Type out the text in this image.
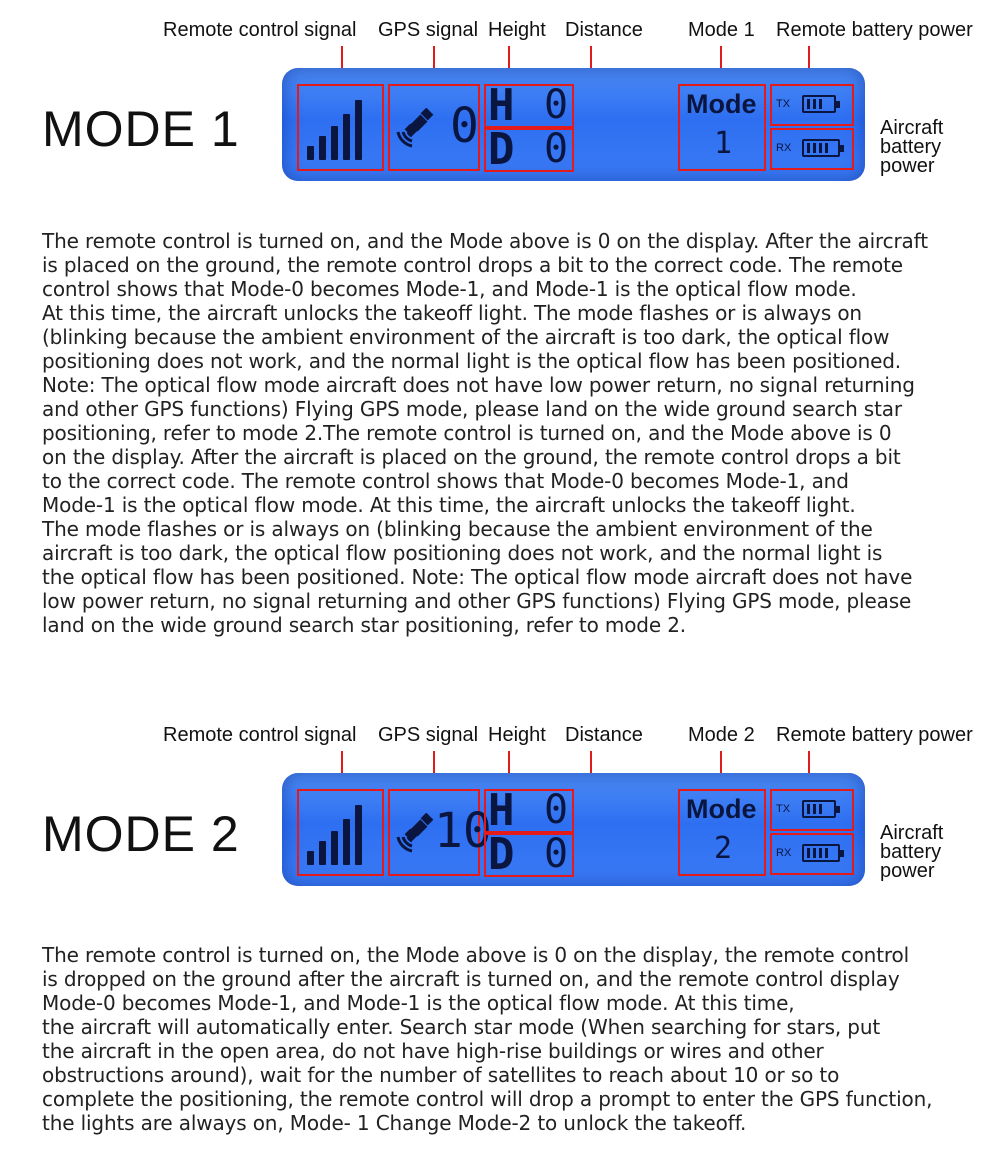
Remote control signal GPS signal Height Distance Mode 1 Remote battery power
MODE 1	0 H 0
D 0
Mode
1
TX
RX
Aircraft
battery
power

The remote control is turned on, and the Mode above is 0 on the display. After the aircraft
is placed on the ground, the remote control drops a bit to the correct code. The remote
control shows that Mode-0 becomes Mode-1, and Mode-1 is the optical flow mode.
At this time, the aircraft unlocks the takeoff light. The mode flashes or is always on
(blinking because the ambient environment of the aircraft is too dark, the optical flow
positioning does not work, and the normal light is the optical flow has been positioned.
Note: The optical flow mode aircraft does not have low power return, no signal returning
and other GPS functions) Flying GPS mode, please land on the wide ground search star
positioning, refer to mode 2.The remote control is turned on, and the Mode above is 0
on the display. After the aircraft is placed on the ground, the remote control drops a bit
to the correct code. The remote control shows that Mode-0 becomes Mode-1, and
Mode-1 is the optical flow mode. At this time, the aircraft unlocks the takeoff light.
The mode flashes or is always on (blinking because the ambient environment of the
aircraft is too dark, the optical flow positioning does not work, and the normal light is
the optical flow has been positioned. Note: The optical flow mode aircraft does not have
low power return, no signal returning and other GPS functions) Flying GPS mode, please
land on the wide ground search star positioning, refer to mode 2.

Remote control signal GPS signal Height Distance Mode 2 Remote battery power
MODE 2	10
H 0
D 0
Mode
2
TX
RX
Aircraft
battery
power

The remote control is turned on, the Mode above is 0 on the display, the remote control
is dropped on the ground after the aircraft is turned on, and the remote control display
Mode-0 becomes Mode-1, and Mode-1 is the optical flow mode. At this time,
the aircraft will automatically enter. Search star mode (When searching for stars, put
the aircraft in the open area, do not have high-rise buildings or wires and other
obstructions around), wait for the number of satellites to reach about 10 or so to
complete the positioning, the remote control will drop a prompt to enter the GPS function,
the lights are always on, Mode- 1 Change Mode-2 to unlock the takeoff.
